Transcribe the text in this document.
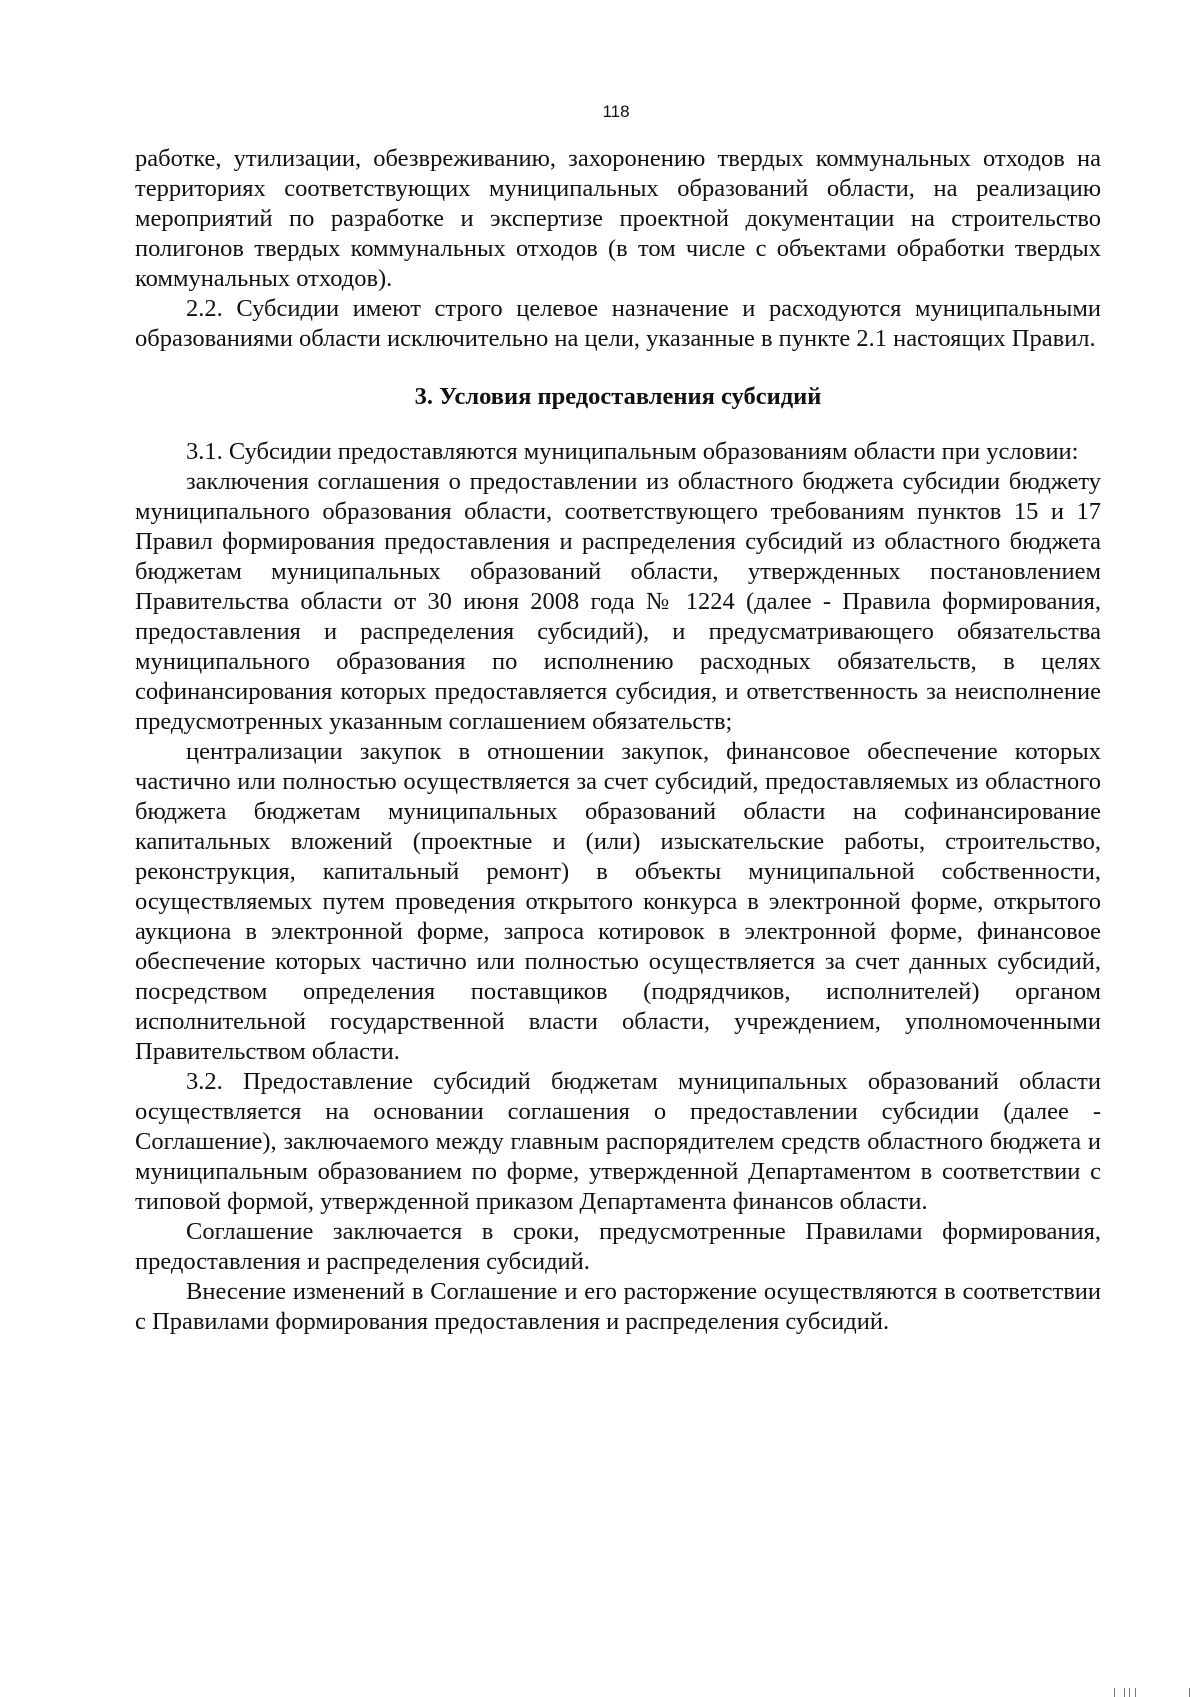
118

работке, утилизации, обезвреживанию, захоронению твердых коммунальных отходов на территориях соответствующих муниципальных образований области, на реализацию мероприятий по разработке и экспертизе проектной документации на строительство полигонов твердых коммунальных отходов (в том числе с объектами обработки твердых коммунальных отходов).

2.2. Субсидии имеют строго целевое назначение и расходуются муниципальными образованиями области исключительно на цели, указанные в пункте 2.1 настоящих Правил.

3. Условия предоставления субсидий

3.1. Субсидии предоставляются муниципальным образованиям области при условии:

заключения соглашения о предоставлении из областного бюджета субсидии бюджету муниципального образования области, соответствующего требованиям пунктов 15 и 17 Правил формирования предоставления и распределения субсидий из областного бюджета бюджетам муниципальных образований области, утвержденных постановлением Правительства области от 30 июня 2008 года № 1224 (далее - Правила формирования, предоставления и распределения субсидий), и предусматривающего обязательства муниципального образования по исполнению расходных обязательств, в целях софинансирования которых предоставляется субсидия, и ответственность за неисполнение предусмотренных указанным соглашением обязательств;

централизации закупок в отношении закупок, финансовое обеспечение которых частично или полностью осуществляется за счет субсидий, предоставляемых из областного бюджета бюджетам муниципальных образований области на софинансирование капитальных вложений (проектные и (или) изыскательские работы, строительство, реконструкция, капитальный ремонт) в объекты муниципальной собственности, осуществляемых путем проведения открытого конкурса в электронной форме, открытого аукциона в электронной форме, запроса котировок в электронной форме, финансовое обеспечение которых частично или полностью осуществляется за счет данных субсидий, посредством определения поставщиков (подрядчиков, исполнителей) органом исполнительной государственной власти области, учреждением, уполномоченными Правительством области.

3.2. Предоставление субсидий бюджетам муниципальных образований области осуществляется на основании соглашения о предоставлении субсидии (далее - Соглашение), заключаемого между главным распорядителем средств областного бюджета и муниципальным образованием по форме, утвержденной Департаментом в соответствии с типовой формой, утвержденной приказом Департамента финансов области.

Соглашение заключается в сроки, предусмотренные Правилами формирования, предоставления и распределения субсидий.

Внесение изменений в Соглашение и его расторжение осуществляются в соответствии с Правилами формирования предоставления и распределения субсидий.
